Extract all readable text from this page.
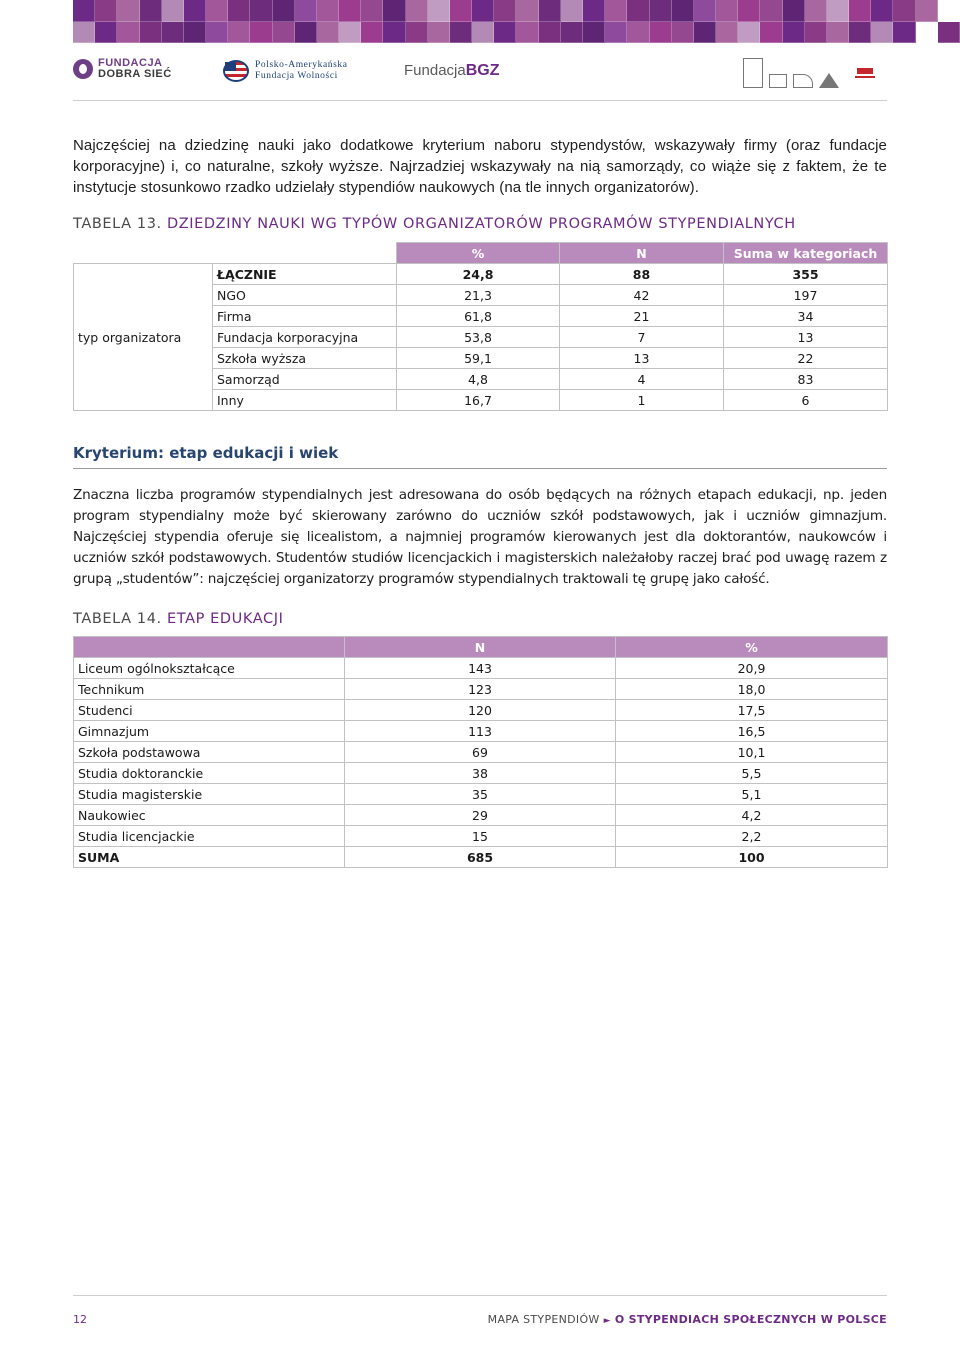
FUNDACJA
DOBRA SIEĆ
Polsko-Amerykańska
Fundacja Wolności	FundacjaBGZ

Najczęściej na dziedzinę nauki jako dodatkowe kryterium naboru stypendystów, wskazywały firmy (oraz fundacje korporacyjne) i, co naturalne, szkoły wyższe. Najrzadziej wskazywały na nią samorządy, co wiąże się z faktem, że te instytucje stosunkowo rzadko udzielały stypendiów naukowych (na tle innych organizatorów).

TABELA 13. DZIEDZINY NAUKI WG TYPÓW ORGANIZATORÓW PROGRAMÓW STYPENDIALNYCH
		%	N	Suma w kategoriach
typ organizatora	ŁĄCZNIE	24,8	88	355
	NGO	21,3	42	197
	Firma	61,8	21	34
	Fundacja korporacyjna	53,8	7	13
	Szkoła wyższa	59,1	13	22
	Samorząd	4,8	4	83
	Inny	16,7	1	6
Kryterium: etap edukacji i wiek

Znaczna liczba programów stypendialnych jest adresowana do osób będących na różnych etapach edukacji, np. jeden program stypendialny może być skierowany zarówno do uczniów szkół podstawowych, jak i uczniów gimnazjum. Najczęściej stypendia oferuje się licealistom, a najmniej programów kierowanych jest dla doktorantów, naukowców i uczniów szkół podstawowych. Studentów studiów licencjackich i magisterskich należałoby raczej brać pod uwagę razem z grupą „studentów”: najczęściej organizatorzy programów stypendialnych traktowali tę grupę jako całość.

TABELA 14. ETAP EDUKACJI
	N	%
Liceum ogólnokształcące	143	20,9
Technikum	123	18,0
Studenci	120	17,5
Gimnazjum	113	16,5
Szkoła podstawowa	69	10,1
Studia doktoranckie	38	5,5
Studia magisterskie	35	5,1
Naukowiec	29	4,2
Studia licencjackie	15	2,2
SUMA	685	100
12	MAPA STYPENDIÓW ► O STYPENDIACH SPOŁECZNYCH W POLSCE
